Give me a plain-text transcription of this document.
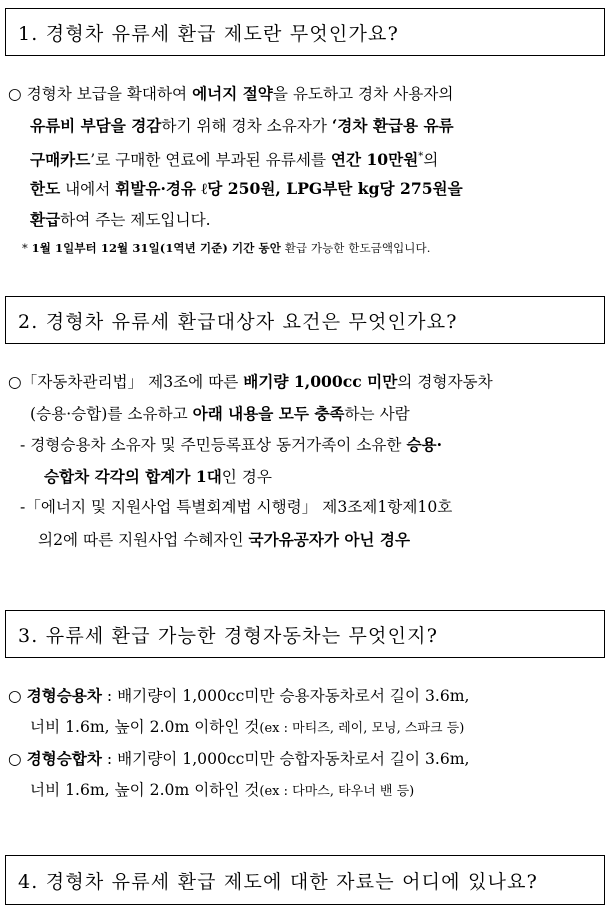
1. 경형차 유류세 환급 제도란 무엇인가요?
○ 경형차 보급을 확대하여 에너지 절약을 유도하고 경차 사용자의
유류비 부담을 경감하기 위해 경차 소유자가 ‘경차 환급용 유류
구매카드’로 구매한 연료에 부과된 유류세를 연간 10만원*의
한도 내에서 휘발유·경유 ℓ당 250원, LPG부탄 kg당 275원을
환급하여 주는 제도입니다.
* 1월 1일부터 12월 31일(1역년 기준) 기간 동안 환급 가능한 한도금액입니다.
2. 경형차 유류세 환급대상자 요건은 무엇인가요?
○「자동차관리법」 제3조에 따른 배기량 1,000cc 미만의 경형자동차
(승용·승합)를 소유하고 아래 내용을 모두 충족하는 사람
- 경형승용차 소유자 및 주민등록표상 동거가족이 소유한 승용·
승합차 각각의 합계가 1대인 경우
-「에너지 및 지원사업 특별회계법 시행령」 제3조제1항제10호
의2에 따른 지원사업 수혜자인 국가유공자가 아닌 경우
3. 유류세 환급 가능한 경형자동차는 무엇인지?
○ 경형승용차 : 배기량이 1,000cc미만 승용자동차로서 길이 3.6m,
너비 1.6m, 높이 2.0m 이하인 것(ex : 마티즈, 레이, 모닝, 스파크 등)
○ 경형승합차 : 배기량이 1,000cc미만 승합자동차로서 길이 3.6m,
너비 1.6m, 높이 2.0m 이하인 것(ex : 다마스, 타우너 밴 등)
4. 경형차 유류세 환급 제도에 대한 자료는 어디에 있나요?
